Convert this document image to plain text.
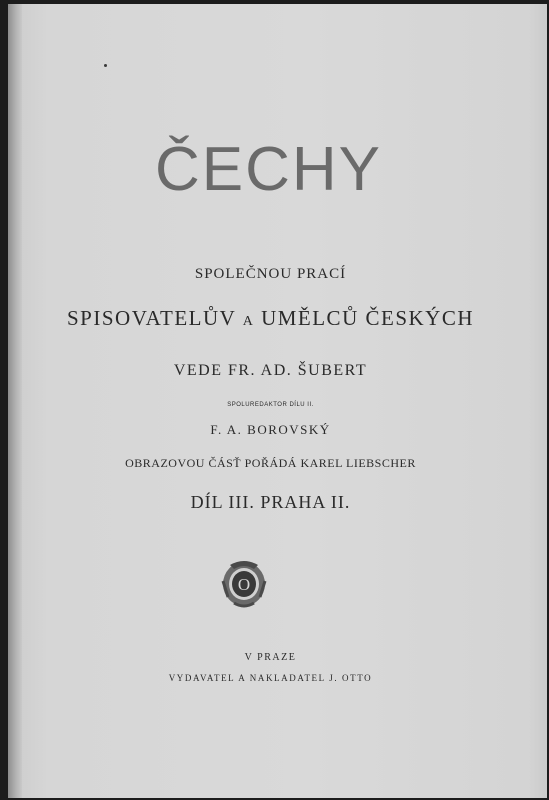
ČECHY
SPOLEČNOU PRACÍ
SPISOVATELŮV A UMĚLCŮ ČESKÝCH
VEDE FR. AD. ŠUBERT
SPOLUREDAKTOR DÍLU II.
F. A. BOROVSKÝ
OBRAZOVOU ČÁSŤ POŘÁDÁ KAREL LIEBSCHER
DÍL III. PRAHA II.
O
V PRAZE
VYDAVATEL A NAKLADATEL J. OTTO
